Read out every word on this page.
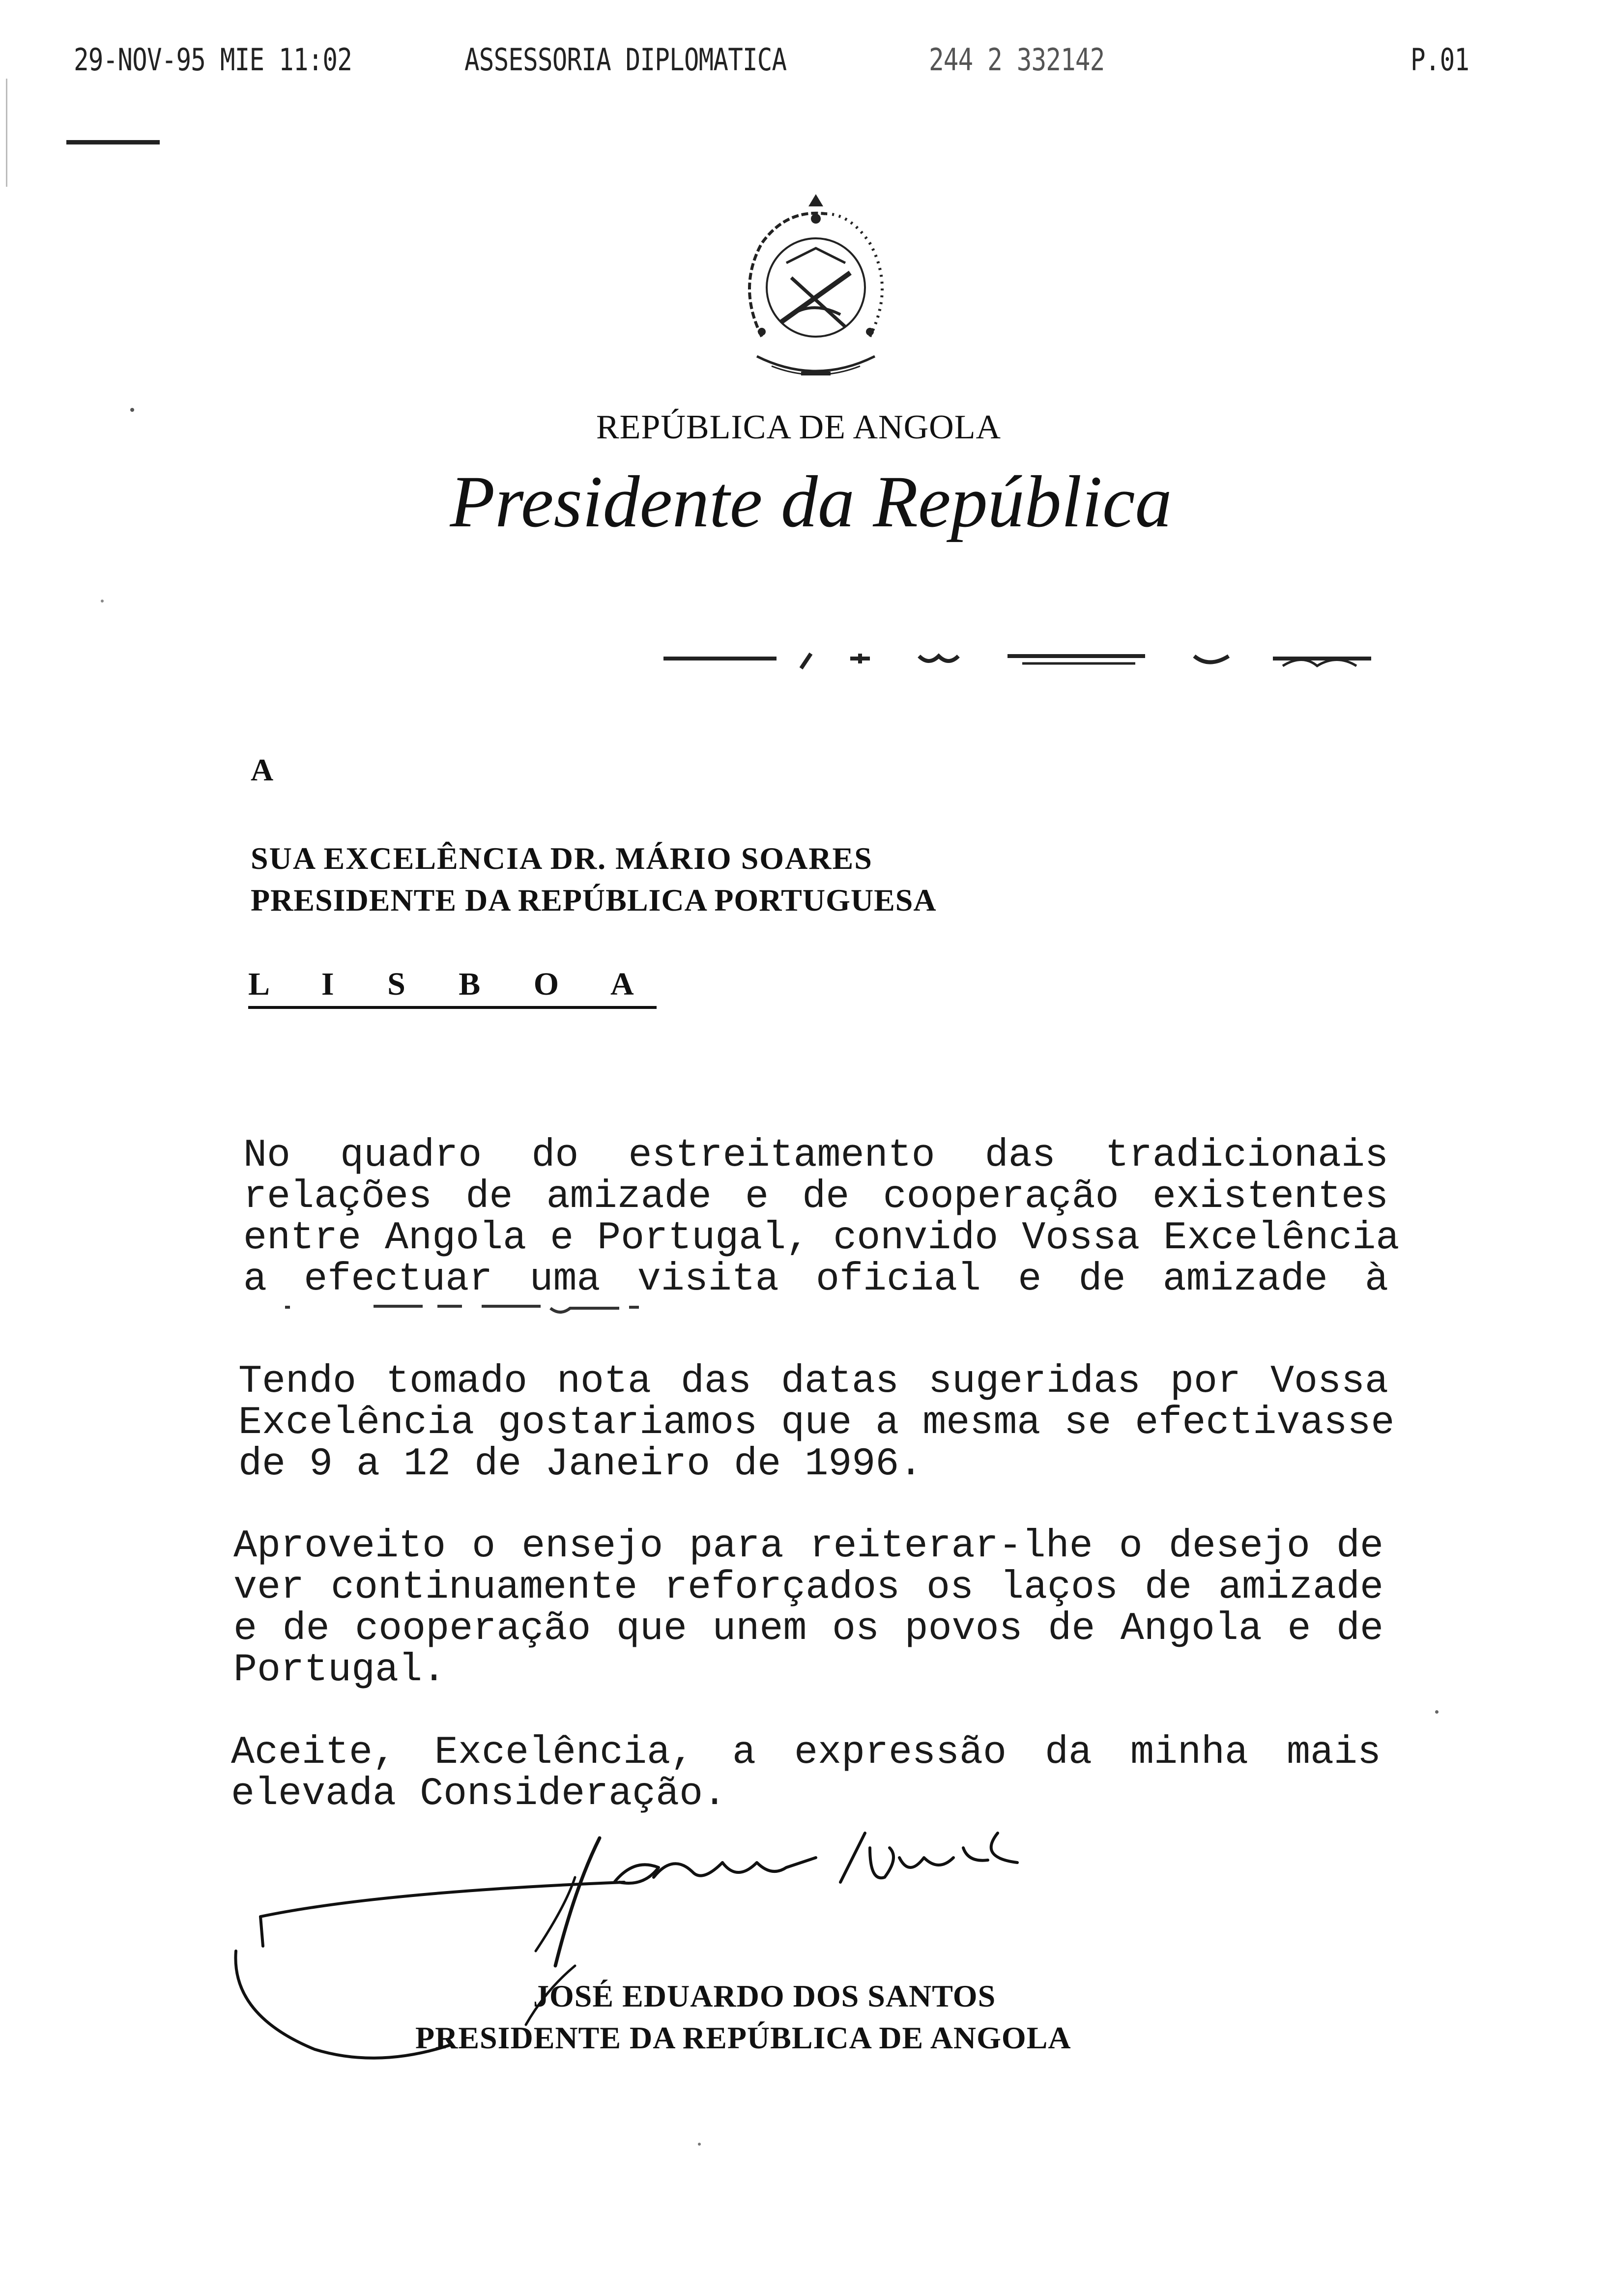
29-NOV-95 MIE 11:02	ASSESSORIA DIPLOMATICA	244 2 332142	P.01
REPÚBLICA DE ANGOLA
Presidente da República
A
SUA EXCELÊNCIA DR. MÁRIO SOARES
PRESIDENTE DA REPÚBLICA PORTUGUESA
L I S B O A
No quadro do estreitamento das tradicionais
relações de amizade e de cooperação existentes
entre Angola e Portugal, convido Vossa Excelência
a efectuar uma visita oficial e de amizade à
Tendo tomado nota das datas sugeridas por Vossa
Excelência gostariamos que a mesma se efectivasse
de 9 a 12 de Janeiro de 1996.
Aproveito o ensejo para reiterar-lhe o desejo de
ver continuamente reforçados os laços de amizade
e de cooperação que unem os povos de Angola e de
Portugal.
Aceite, Excelência, a expressão da minha mais
elevada Consideração.
JOSÉ EDUARDO DOS SANTOS
PRESIDENTE DA REPÚBLICA DE ANGOLA
